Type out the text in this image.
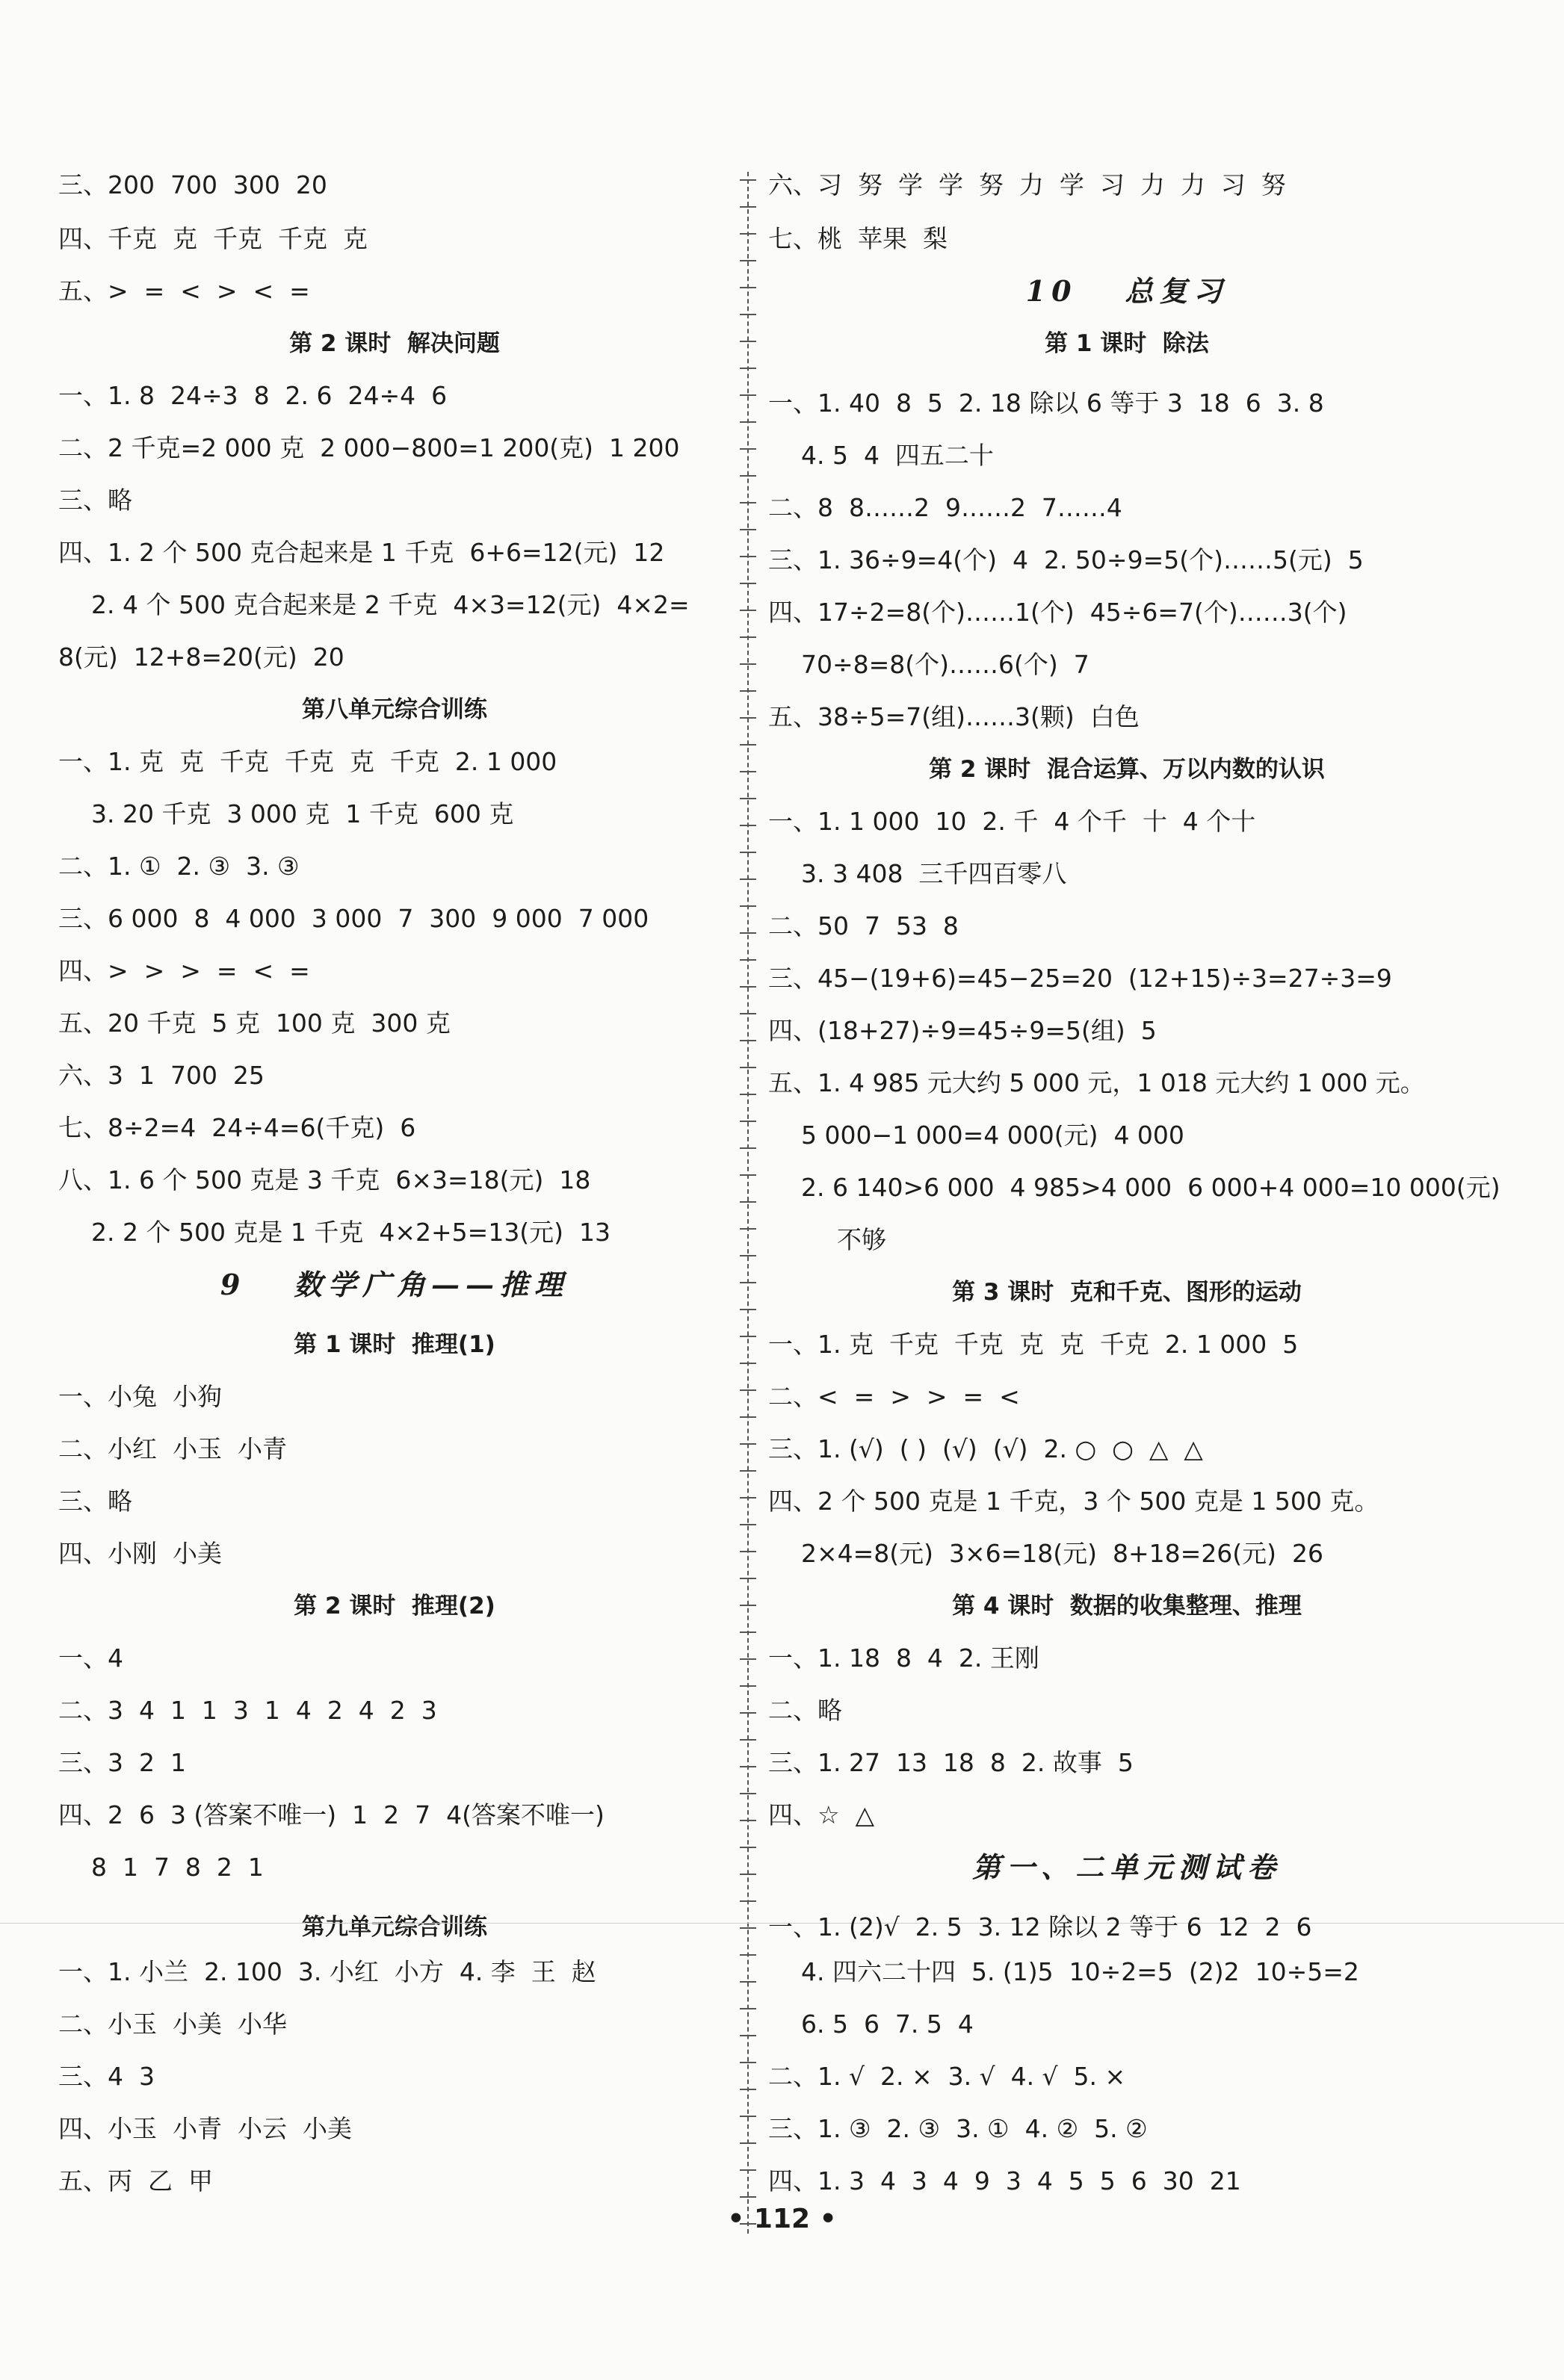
三、200  700  300  20
四、千克  克  千克  千克  克
五、>  =  <  >  <  =
第 2 课时  解决问题
一、1. 8  24÷3  8  2. 6  24÷4  6
二、2 千克=2 000 克  2 000−800=1 200(克)  1 200
三、略
四、1. 2 个 500 克合起来是 1 千克  6+6=12(元)  12
2. 4 个 500 克合起来是 2 千克  4×3=12(元)  4×2=
8(元)  12+8=20(元)  20
第八单元综合训练
一、1. 克  克  千克  千克  克  千克  2. 1 000
3. 20 千克  3 000 克  1 千克  600 克
二、1. ①  2. ③  3. ③
三、6 000  8  4 000  3 000  7  300  9 000  7 000
四、>  >  >  =  <  =
五、20 千克  5 克  100 克  300 克
六、3  1  700  25
七、8÷2=4  24÷4=6(千克)  6
八、1. 6 个 500 克是 3 千克  6×3=18(元)  18
2. 2 个 500 克是 1 千克  4×2+5=13(元)  13
9   数学广角——推理
第 1 课时  推理(1)
一、小兔  小狗
二、小红  小玉  小青
三、略
四、小刚  小美
第 2 课时  推理(2)
一、4
二、3  4  1  1  3  1  4  2  4  2  3
三、3  2  1
四、2  6  3 (答案不唯一)  1  2  7  4(答案不唯一)
8  1  7  8  2  1
第九单元综合训练
一、1. 小兰  2. 100  3. 小红  小方  4. 李  王  赵
二、小玉  小美  小华
三、4  3
四、小玉  小青  小云  小美
五、丙  乙  甲
六、习  努  学  学  努  力  学  习  力  力  习  努
七、桃  苹果  梨
10   总复习
第 1 课时  除法
一、1. 40  8  5  2. 18 除以 6 等于 3  18  6  3. 8
4. 5  4  四五二十
二、8  8……2  9……2  7……4
三、1. 36÷9=4(个)  4  2. 50÷9=5(个)……5(元)  5
四、17÷2=8(个)……1(个)  45÷6=7(个)……3(个)
70÷8=8(个)……6(个)  7
五、38÷5=7(组)……3(颗)  白色
第 2 课时  混合运算、万以内数的认识
一、1. 1 000  10  2. 千  4 个千  十  4 个十
3. 3 408  三千四百零八
二、50  7  53  8
三、45−(19+6)=45−25=20  (12+15)÷3=27÷3=9
四、(18+27)÷9=45÷9=5(组)  5
五、1. 4 985 元大约 5 000 元，1 018 元大约 1 000 元。
5 000−1 000=4 000(元)  4 000
2. 6 140>6 000  4 985>4 000  6 000+4 000=10 000(元)
不够
第 3 课时  克和千克、图形的运动
一、1. 克  千克  千克  克  克  千克  2. 1 000  5
二、<  =  >  >  =  <
三、1. (√)  ( )  (√)  (√)  2. ○  ○  △  △
四、2 个 500 克是 1 千克，3 个 500 克是 1 500 克。
2×4=8(元)  3×6=18(元)  8+18=26(元)  26
第 4 课时  数据的收集整理、推理
一、1. 18  8  4  2. 王刚
二、略
三、1. 27  13  18  8  2. 故事  5
四、☆  △
第一、二单元测试卷
一、1. (2)√  2. 5  3. 12 除以 2 等于 6  12  2  6
4. 四六二十四  5. (1)5  10÷2=5  (2)2  10÷5=2
6. 5  6  7. 5  4
二、1. √  2. ×  3. √  4. √  5. ×
三、1. ③  2. ③  3. ①  4. ②  5. ②
四、1. 3  4  3  4  9  3  4  5  5  6  30  21
• 112 •
